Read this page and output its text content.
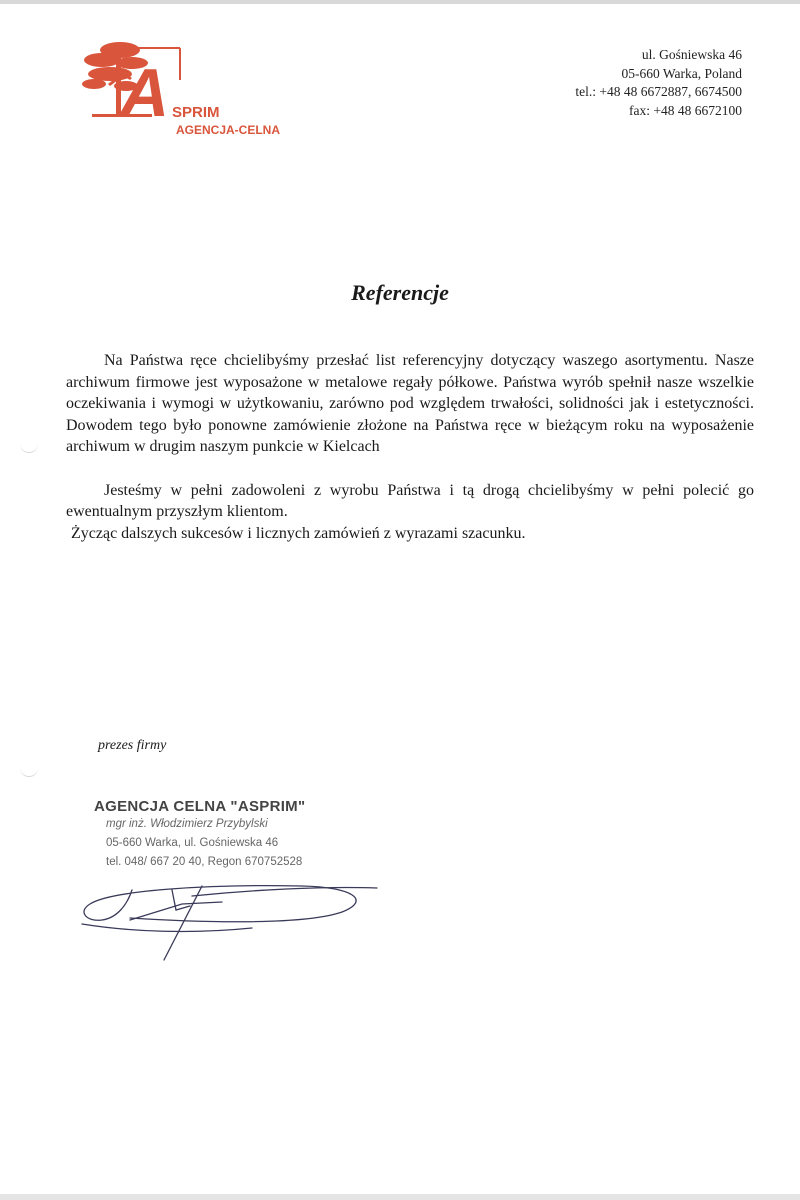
A SPRIM
AGENCJA-CELNA
ul. Gośniewska 46
05-660 Warka, Poland
tel.: +48 48 6672887, 6674500
fax: +48 48 6672100
Referencje

Na Państwa ręce chcielibyśmy przesłać list referencyjny dotyczący waszego asortymentu. Nasze archiwum firmowe jest wyposażone w metalowe regały półkowe. Państwa wyrób spełnił nasze wszelkie oczekiwania i wymogi w użytkowaniu, zarówno pod względem trwałości, solidności jak i estetyczności. Dowodem tego było ponowne zamówienie złożone na Państwa ręce w bieżącym roku na wyposażenie archiwum w drugim naszym punkcie w Kielcach

Jesteśmy w pełni zadowoleni z wyrobu Państwa i tą drogą chcielibyśmy w pełni polecić go ewentualnym przyszłym klientom.

Życząc dalszych sukcesów i licznych zamówień z wyrazami szacunku.

prezes firmy
AGENCJA CELNA "ASPRIM"
mgr inż. Włodzimierz Przybylski
05-660 Warka, ul. Gośniewska 46
tel. 048/ 667 20 40, Regon 670752528
